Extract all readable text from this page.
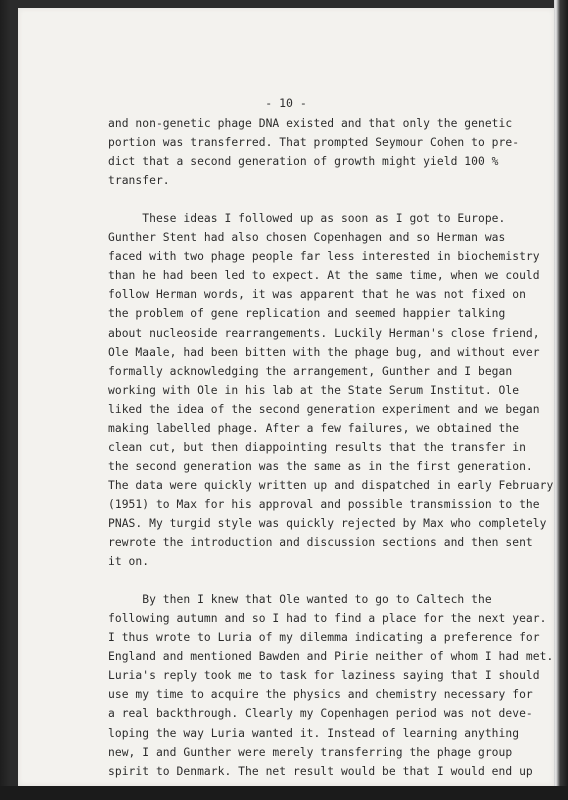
- 10 -
and non-genetic phage DNA existed and that only the genetic
portion was transferred. That prompted Seymour Cohen to pre-
dict that a second generation of growth might yield 100 %
transfer.
These ideas I followed up as soon as I got to Europe.
Gunther Stent had also chosen Copenhagen and so Herman was
faced with two phage people far less interested in biochemistry
than he had been led to expect. At the same time, when we could
follow Herman words, it was apparent that he was not fixed on
the problem of gene replication and seemed happier talking
about nucleoside rearrangements. Luckily Herman's close friend,
Ole Maale, had been bitten with the phage bug, and without ever
formally acknowledging the arrangement, Gunther and I began
working with Ole in his lab at the State Serum Institut. Ole
liked the idea of the second generation experiment and we began
making labelled phage. After a few failures, we obtained the
clean cut, but then diappointing results that the transfer in
the second generation was the same as in the first generation.
The data were quickly written up and dispatched in early February
(1951) to Max for his approval and possible transmission to the
PNAS. My turgid style was quickly rejected by Max who completely
rewrote the introduction and discussion sections and then sent
it on.
By then I knew that Ole wanted to go to Caltech the
following autumn and so I had to find a place for the next year.
I thus wrote to Luria of my dilemma indicating a preference for
England and mentioned Bawden and Pirie neither of whom I had met.
Luria's reply took me to task for laziness saying that I should
use my time to acquire the physics and chemistry necessary for
a real backthrough. Clearly my Copenhagen period was not deve-
loping the way Luria wanted it. Instead of learning anything
new, I and Gunther were merely transferring the phage group
spirit to Denmark. The net result would be that I would end up
